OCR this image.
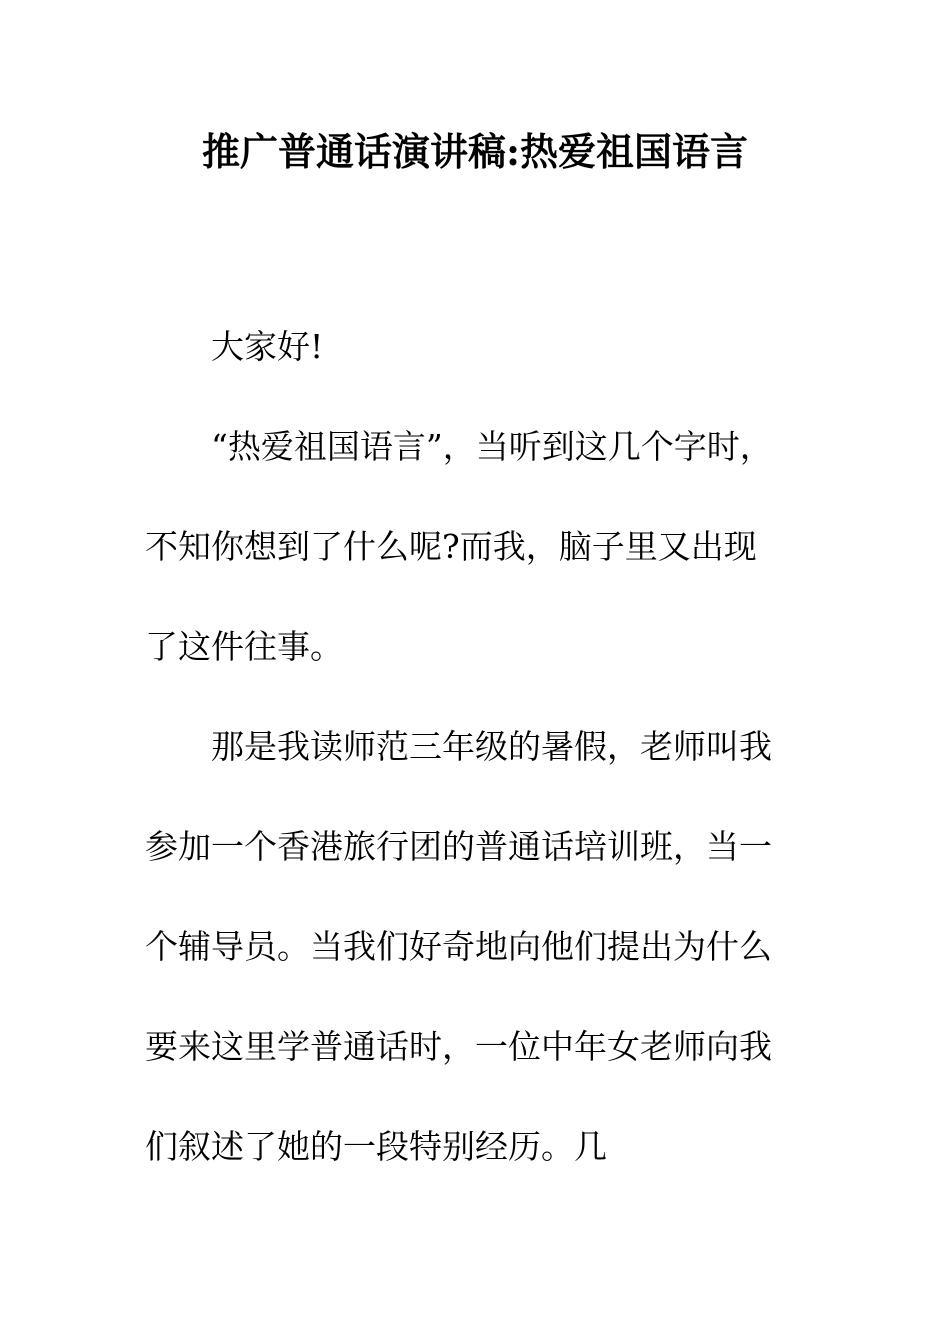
推广普通话演讲稿:热爱祖国语言

大家好!

“热爱祖国语言”，当听到这几个字时，不知你想到了什么呢?而我，脑子里又出现了这件往事。

那是我读师范三年级的暑假，老师叫我参加一个香港旅行团的普通话培训班，当一个辅导员。当我们好奇地向他们提出为什么要来这里学普通话时，一位中年女老师向我们叙述了她的一段特别经历。几
